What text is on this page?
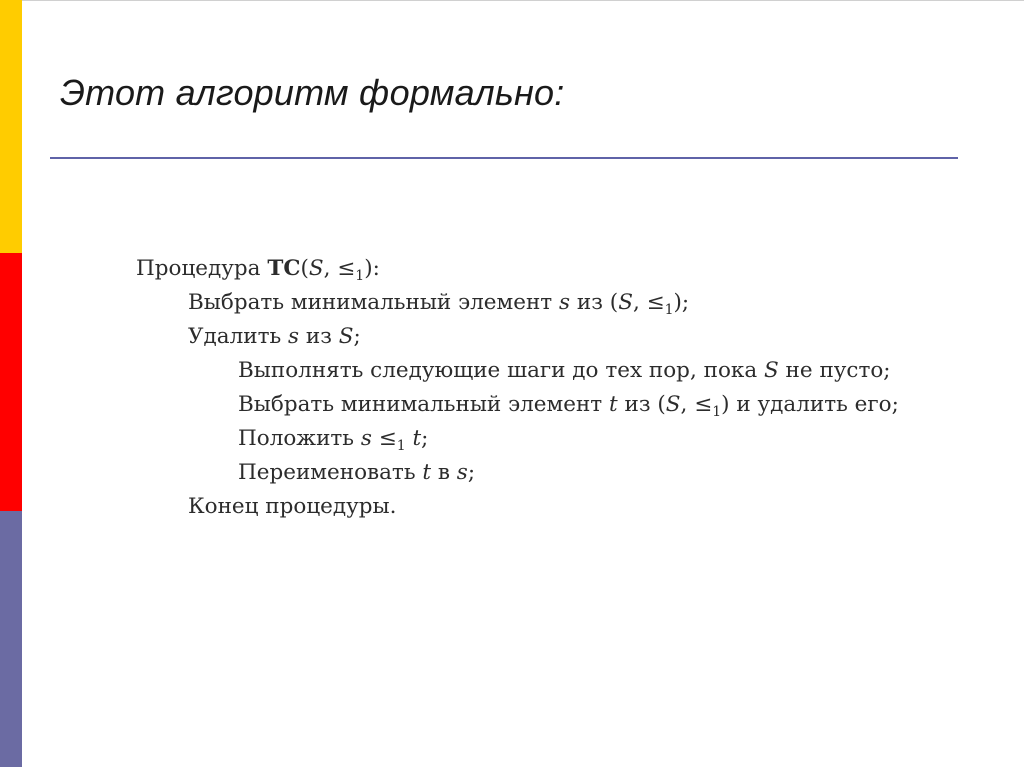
Этот алгоритм формально:
Процедура TC(S, $\le_1$):
Выбрать минимальный элемент s из (S, $\le_1$);
Удалить s из S;
Выполнять следующие шаги до тех пор, пока S не пусто;
Выбрать минимальный элемент t из (S, $\le_1$) и удалить его;
Положить $s \le_1$ t;
Переименовать t в s;
Конец процедуры.
